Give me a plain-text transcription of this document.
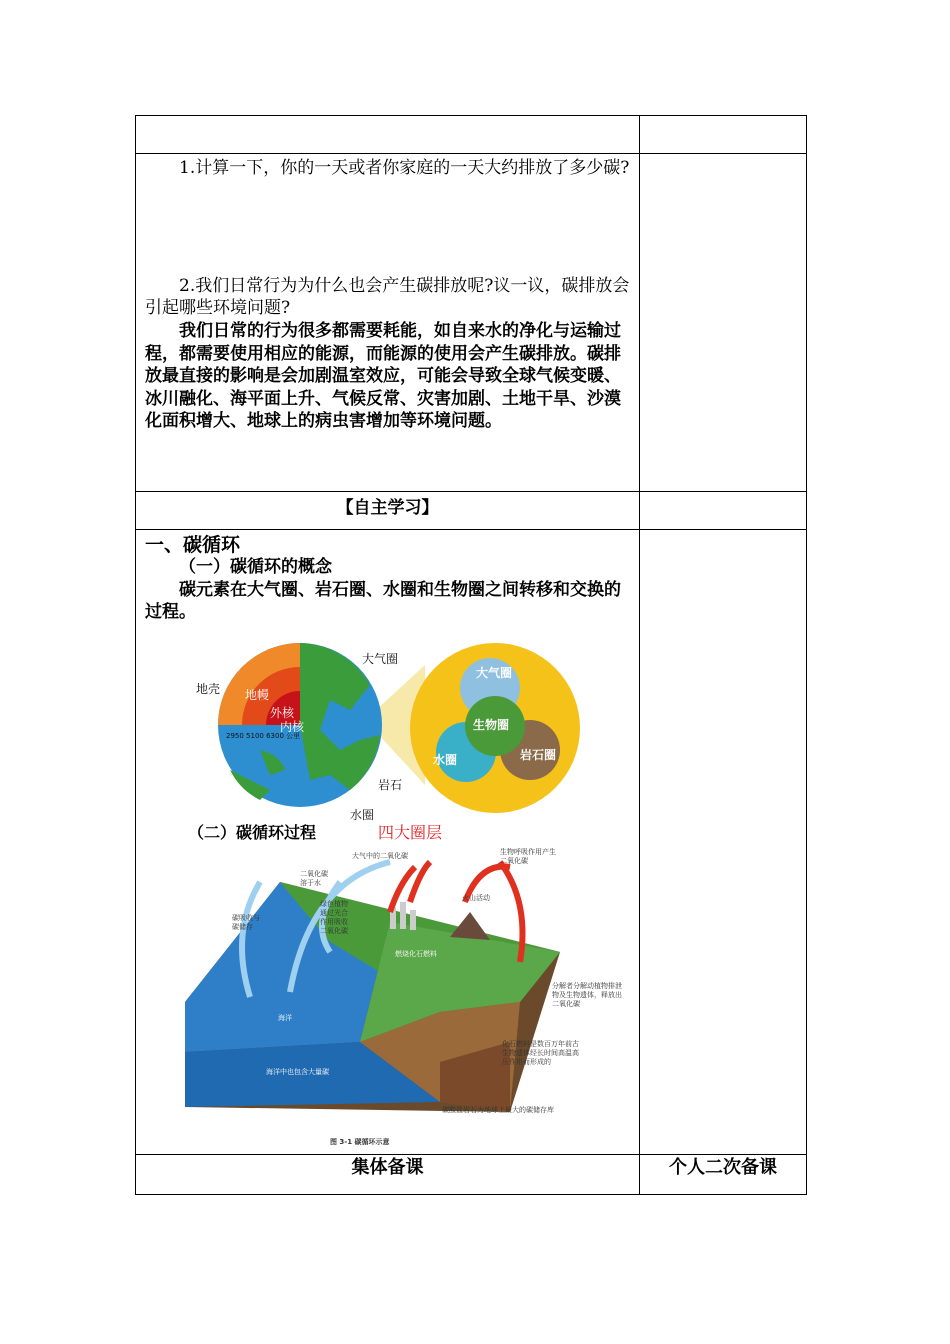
1.计算一下，你的一天或者你家庭的一天大约排放了多少碳?
2.我们日常行为为什么也会产生碳排放呢?议一议，碳排放会引起哪些环境问题?
我们日常的行为很多都需要耗能，如自来水的净化与运输过程，都需要使用相应的能源，而能源的使用会产生碳排放。碳排放最直接的影响是会加剧温室效应，可能会导致全球气候变暖、冰川融化、海平面上升、气候反常、灾害加剧、土地干旱、沙漠化面积增大、地球上的病虫害增加等环境问题。
【自主学习】
一、碳循环
（一）碳循环的概念
碳元素在大气圈、岩石圈、水圈和生物圈之间转移和交换的过程。
地壳 地幔
外核
内核
2950 5100 6300 公里
大气圈
岩石
水圈
大气圈
生物圈
水圈	岩石圈
（二）碳循环过程	四大圈层
大气中的二氧化碳	生物呼吸作用产生二氧化碳
二氧化碳溶于水
碳吸收与碳储存
绿色植物通过光合作用吸收二氧化碳
火山活动
燃烧化石燃料
分解者分解动植物排泄物及生物遗体，释放出二氧化碳
海洋
海洋中也包含大量碳
化石燃料是数百万年前古生物遗体经长时间高温高压作用而形成的
碳酸盐岩石为地球上最大的碳储存库
图 3-1 碳循环示意
集体备课	个人二次备课
